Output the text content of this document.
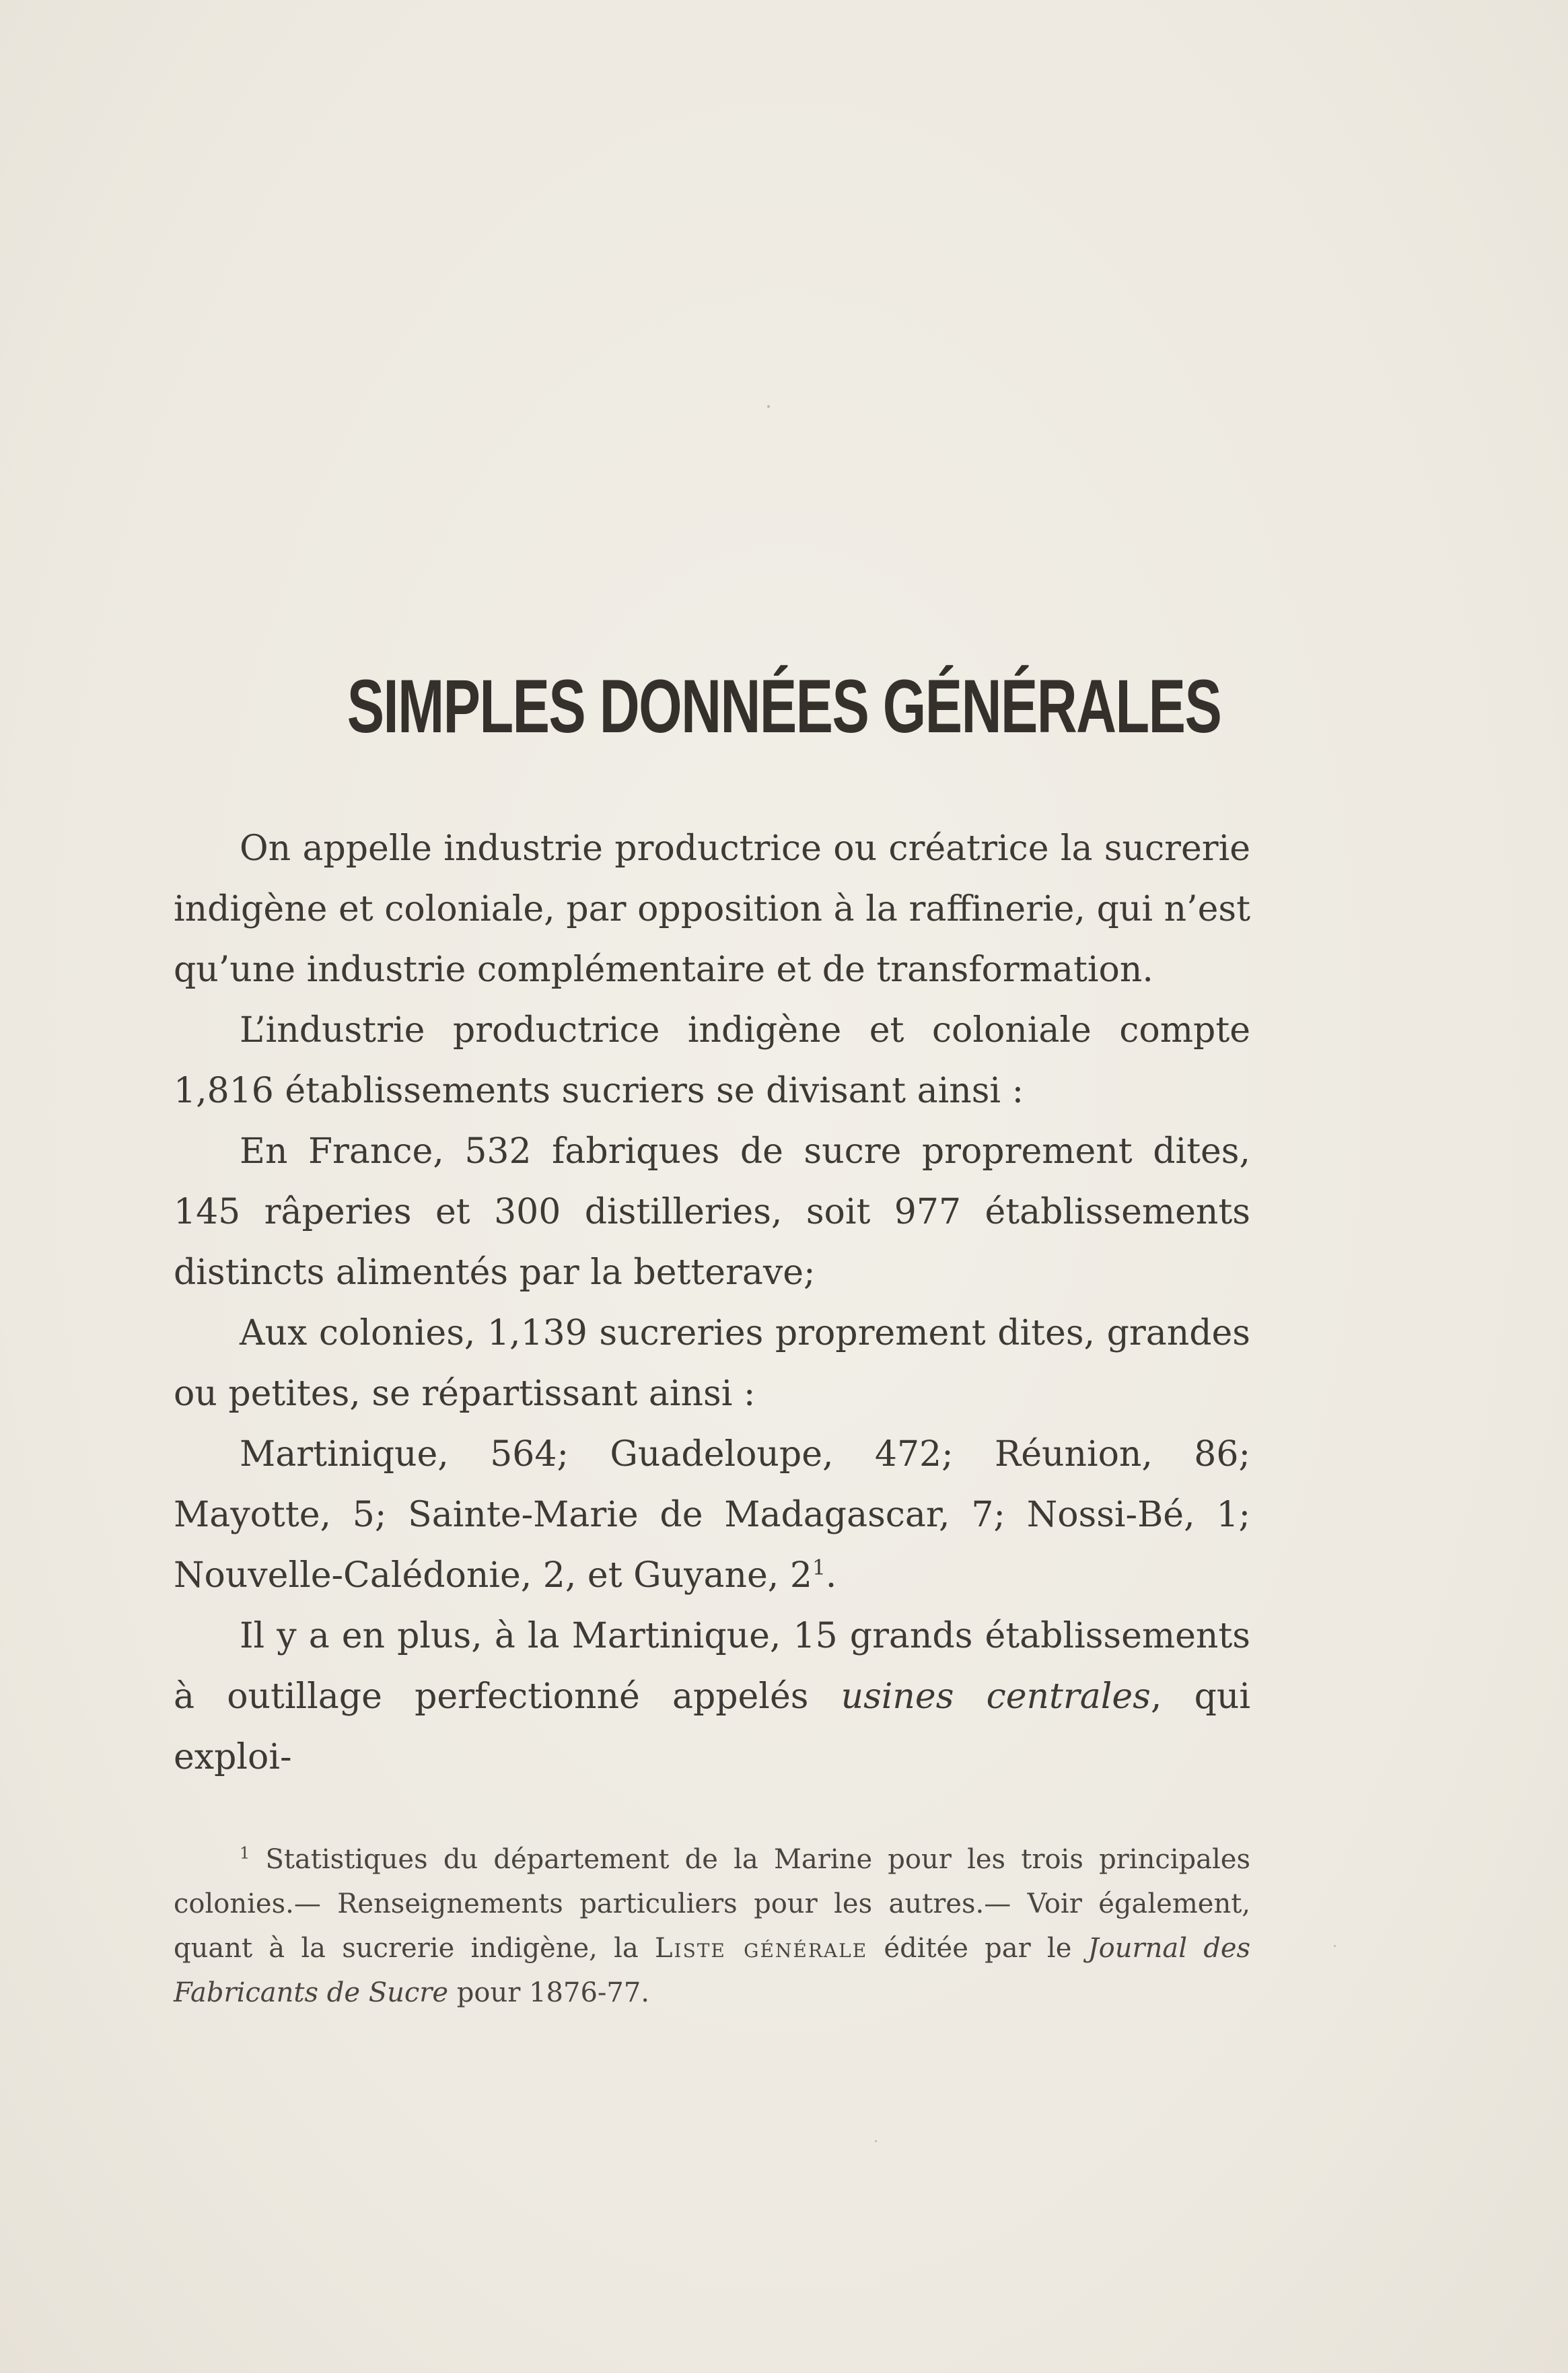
SIMPLES DONNÉES GÉNÉRALES

On appelle industrie productrice ou créatrice la sucrerie indigène et coloniale, par opposition à la raffinerie, qui n’est qu’une industrie complémentaire et de transformation.

L’industrie productrice indigène et coloniale compte 1,816 établissements sucriers se divisant ainsi :

En France, 532 fabriques de sucre proprement dites, 145 râperies et 300 distilleries, soit 977 établissements distincts alimentés par la betterave;

Aux colonies, 1,139 sucreries proprement dites, grandes ou petites, se répartissant ainsi :

Martinique, 564; Guadeloupe, 472; Réunion, 86; Mayotte, 5; Sainte-Marie de Madagascar, 7; Nossi-Bé, 1; Nouvelle-Calédonie, 2, et Guyane, $2^1$.

Il y a en plus, à la Martinique, 15 grands établissements à outillage perfectionné appelés usines centrales, qui exploi-

$^1$ Statistiques du département de la Marine pour les trois principales colonies.— Renseignements particuliers pour les autres.— Voir également, quant à la sucrerie indigène, la Liste générale éditée par le Journal des Fabricants de Sucre pour 1876-77.
